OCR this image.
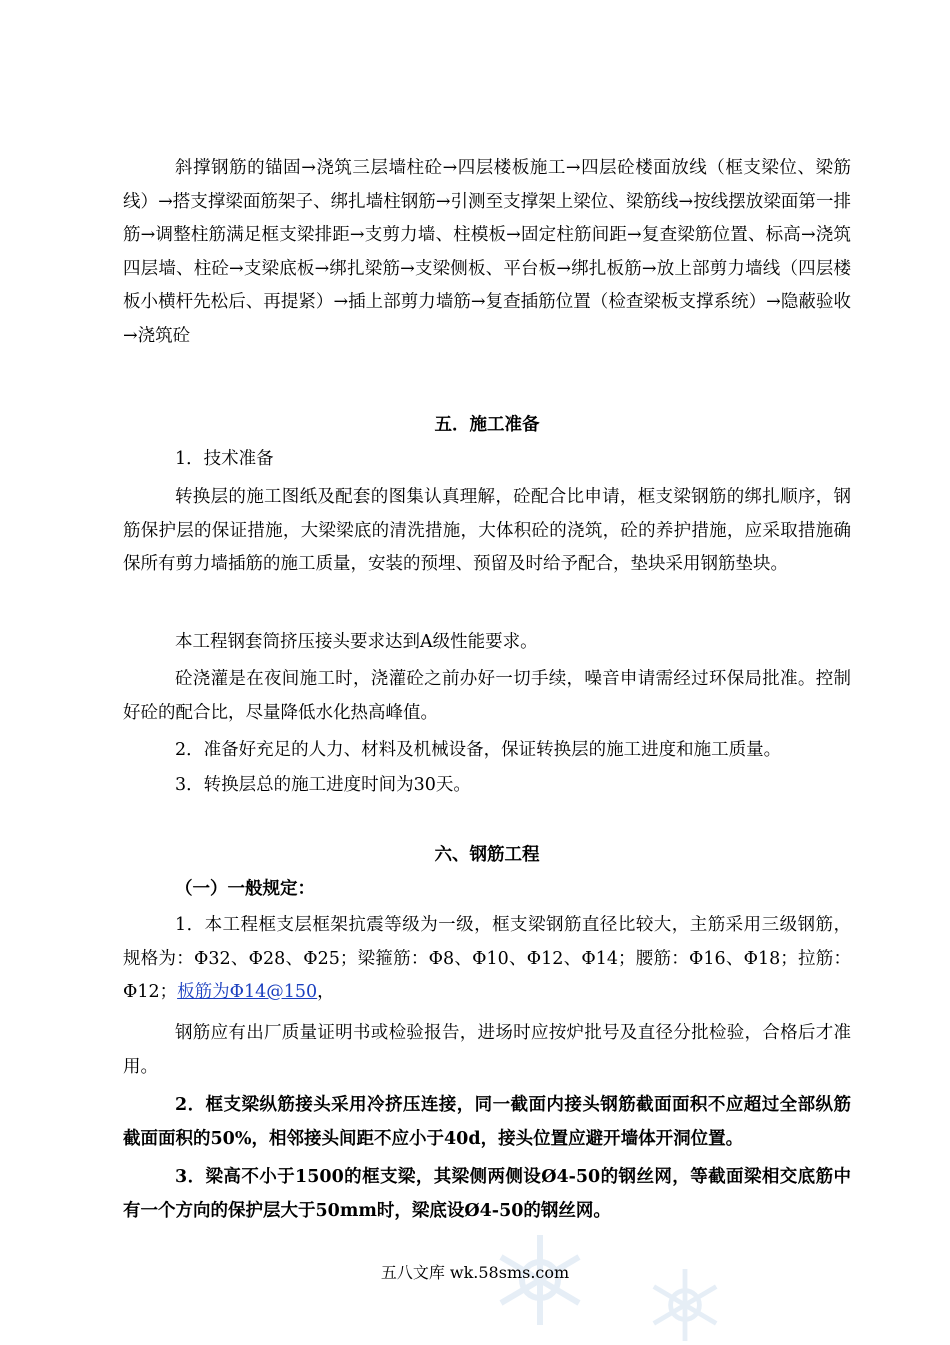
斜撑钢筋的锚固→浇筑三层墙柱砼→四层楼板施工→四层砼楼面放线（框支梁位、梁筋线）→搭支撑梁面筋架子、绑扎墙柱钢筋→引测至支撑架上梁位、梁筋线→按线摆放梁面第一排筋→调整柱筋满足框支梁排距→支剪力墙、柱模板→固定柱筋间距→复查梁筋位置、标高→浇筑四层墙、柱砼→支梁底板→绑扎梁筋→支梁侧板、平台板→绑扎板筋→放上部剪力墙线（四层楼板小横杆先松后、再提紧）→插上部剪力墙筋→复查插筋位置（检查梁板支撑系统）→隐蔽验收→浇筑砼

五．施工准备

1．技术准备

转换层的施工图纸及配套的图集认真理解，砼配合比申请，框支梁钢筋的绑扎顺序，钢筋保护层的保证措施，大梁梁底的清洗措施，大体积砼的浇筑，砼的养护措施，应采取措施确保所有剪力墙插筋的施工质量，安装的预埋、预留及时给予配合，垫块采用钢筋垫块。

本工程钢套筒挤压接头要求达到A级性能要求。

砼浇灌是在夜间施工时，浇灌砼之前办好一切手续，噪音申请需经过环保局批准。控制好砼的配合比，尽量降低水化热高峰值。

2．准备好充足的人力、材料及机械设备，保证转换层的施工进度和施工质量。

3．转换层总的施工进度时间为30天。

六、钢筋工程

（一）一般规定：

1．本工程框支层框架抗震等级为一级，框支梁钢筋直径比较大，主筋采用三级钢筋，规格为：Φ32、Φ28、Φ25；梁箍筋：Φ8、Φ10、Φ12、Φ14；腰筋：Φ16、Φ18；拉筋：Φ12；板筋为Φ14@150，

钢筋应有出厂质量证明书或检验报告，进场时应按炉批号及直径分批检验，合格后才准用。

2．框支梁纵筋接头采用冷挤压连接，同一截面内接头钢筋截面面积不应超过全部纵筋截面面积的50%，相邻接头间距不应小于40d，接头位置应避开墙体开洞位置。

3．梁高不小于1500的框支梁，其梁侧两侧设Ø4-50的钢丝网，等截面梁相交底筋中有一个方向的保护层大于50mm时，梁底设Ø4-50的钢丝网。

五八文库 wk.58sms.com
